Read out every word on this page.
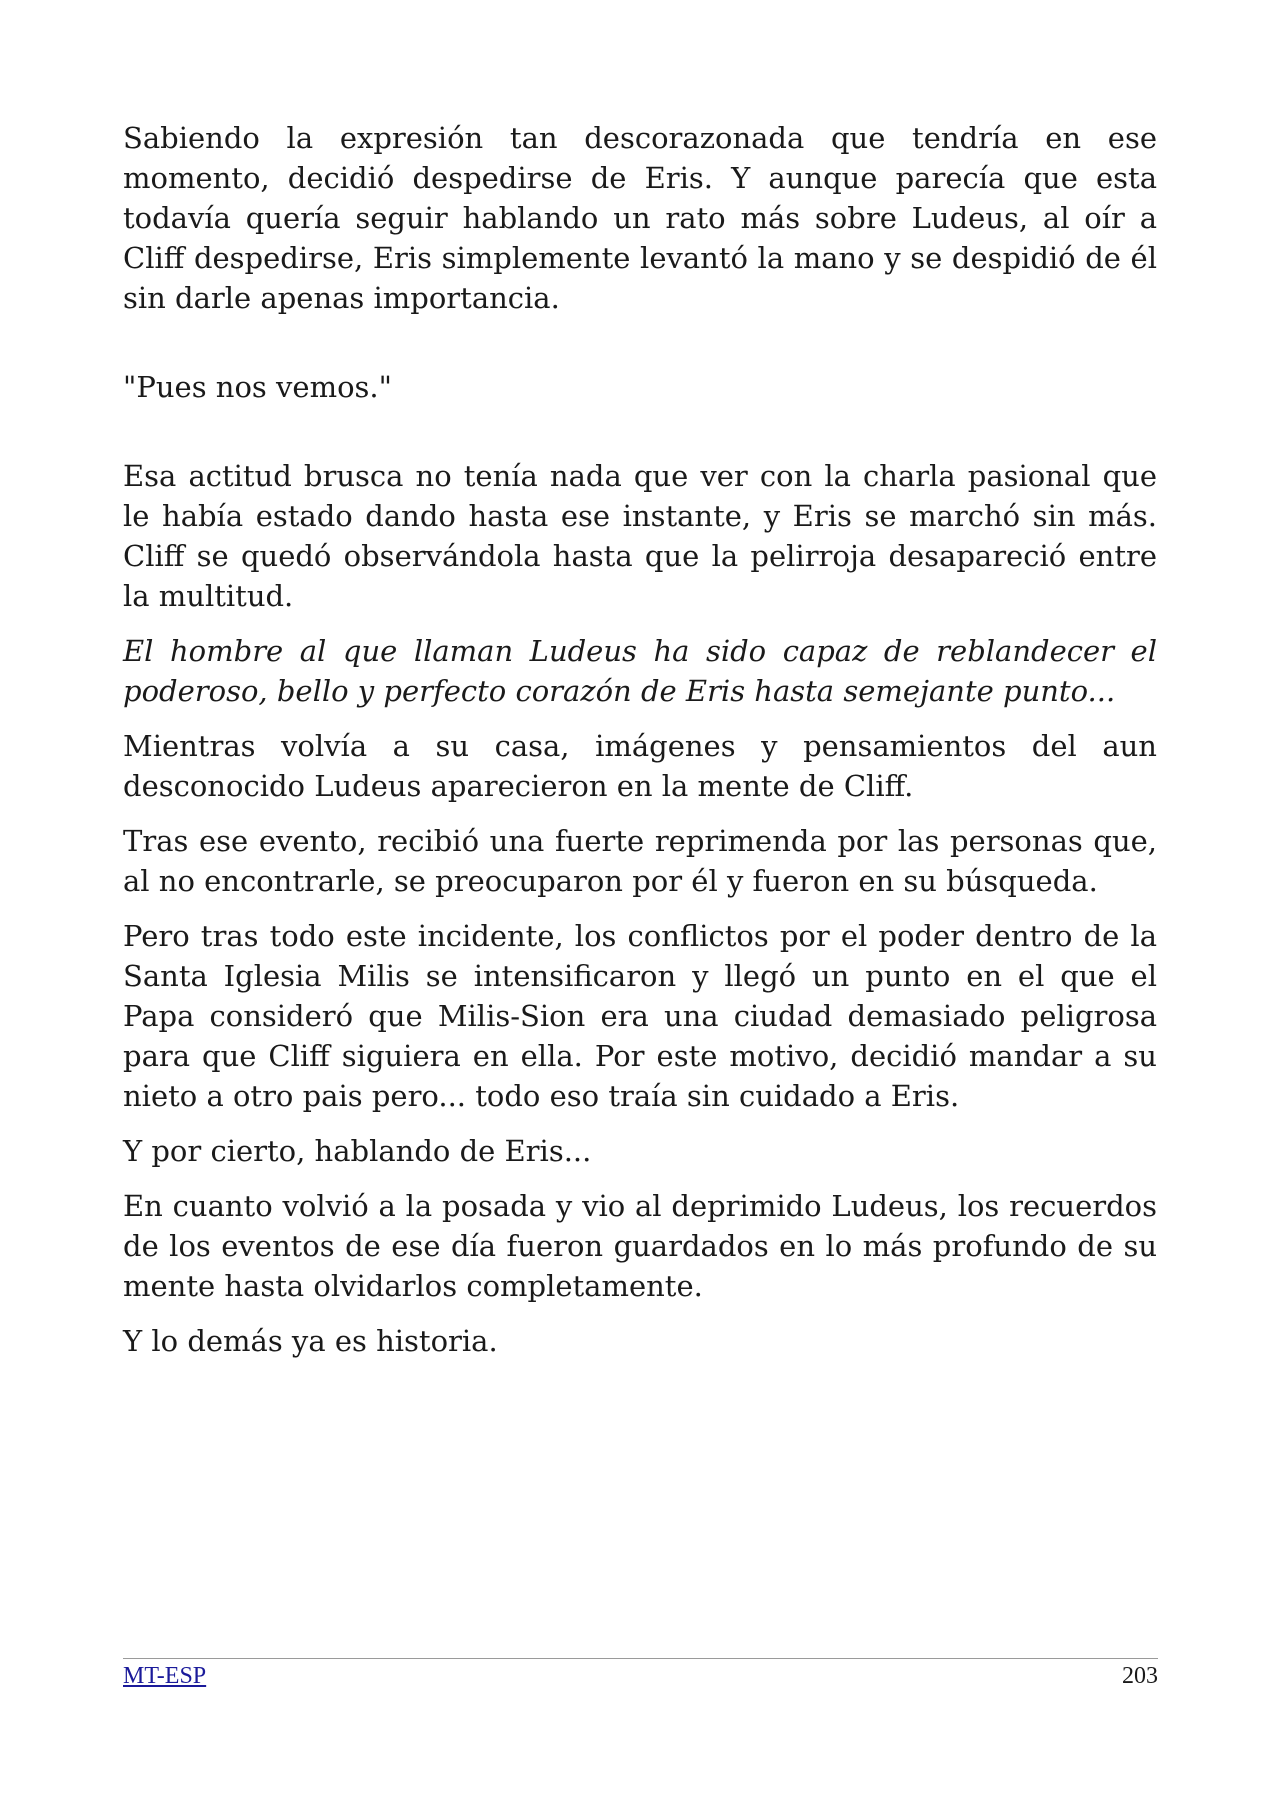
Sabiendo la expresión tan descorazonada que tendría en ese momento, decidió despedirse de Eris. Y aunque parecía que esta todavía quería seguir hablando un rato más sobre Ludeus, al oír a Cliff despedirse, Eris simplemente levantó la mano y se despidió de él sin darle apenas importancia.

"Pues nos vemos."

Esa actitud brusca no tenía nada que ver con la charla pasional que le había estado dando hasta ese instante, y Eris se marchó sin más. Cliff se quedó observándola hasta que la pelirroja desapareció entre la multitud.

El hombre al que llaman Ludeus ha sido capaz de reblandecer el poderoso, bello y perfecto corazón de Eris hasta semejante punto...

Mientras volvía a su casa, imágenes y pensamientos del aun desconocido Ludeus aparecieron en la mente de Cliff.

Tras ese evento, recibió una fuerte reprimenda por las personas que, al no encontrarle, se preocuparon por él y fueron en su búsqueda.

Pero tras todo este incidente, los conflictos por el poder dentro de la Santa Iglesia Milis se intensificaron y llegó un punto en el que el Papa consideró que Milis-Sion era una ciudad demasiado peligrosa para que Cliff siguiera en ella. Por este motivo, decidió mandar a su nieto a otro pais pero... todo eso traía sin cuidado a Eris.

Y por cierto, hablando de Eris...

En cuanto volvió a la posada y vio al deprimido Ludeus, los recuerdos de los eventos de ese día fueron guardados en lo más profundo de su mente hasta olvidarlos completamente.

Y lo demás ya es historia.

MT-ESP	203
